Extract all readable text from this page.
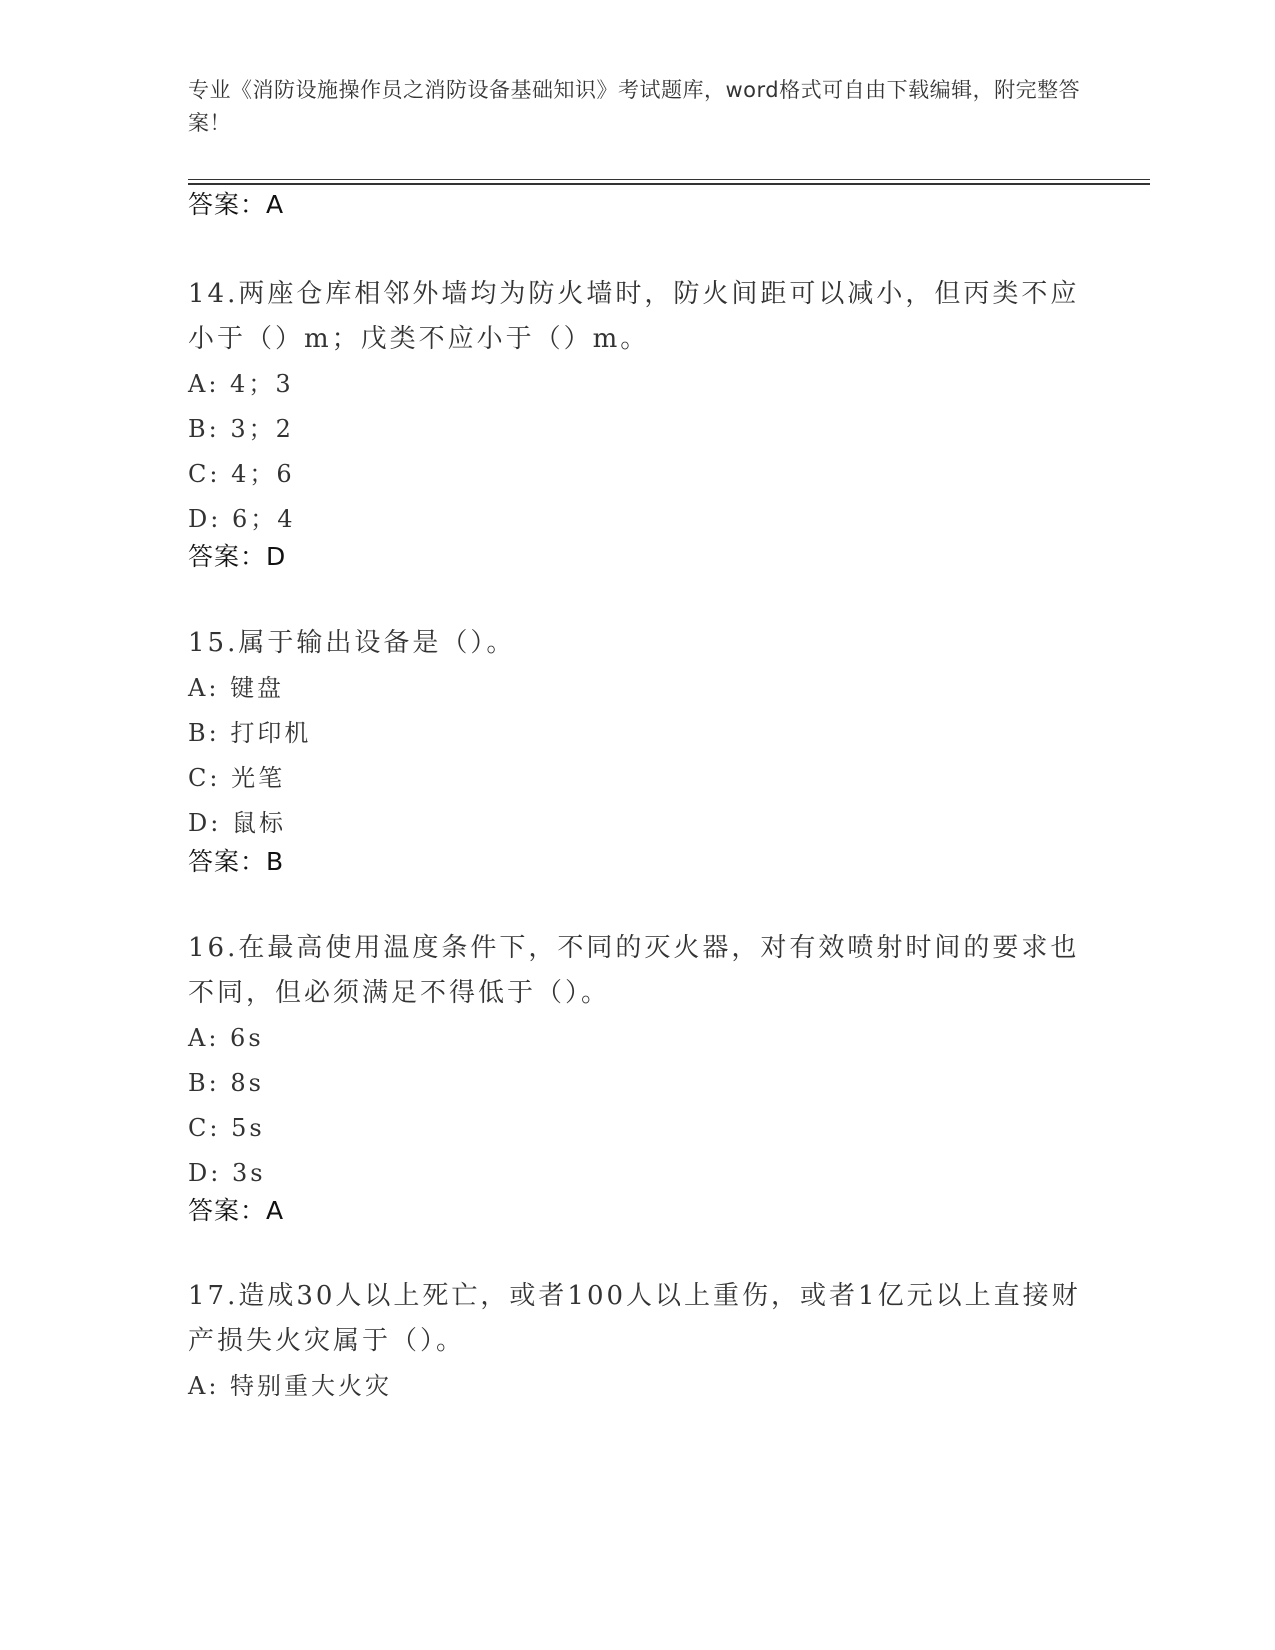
专业《消防设施操作员之消防设备基础知识》考试题库，word格式可自由下载编辑，附完整答案！
答案：A
14.两座仓库相邻外墙均为防火墙时，防火间距可以减小，但丙类不应小于（）m；戊类不应小于（）m。
A: 4；3
B: 3；2
C: 4；6
D: 6；4
答案：D
15.属于输出设备是（）。
A: 键盘
B: 打印机
C: 光笔
D: 鼠标
答案：B
16.在最高使用温度条件下，不同的灭火器，对有效喷射时间的要求也不同，但必须满足不得低于（）。
A: 6s
B: 8s
C: 5s
D: 3s
答案：A
17.造成30人以上死亡，或者100人以上重伤，或者1亿元以上直接财产损失火灾属于（）。
A: 特别重大火灾
